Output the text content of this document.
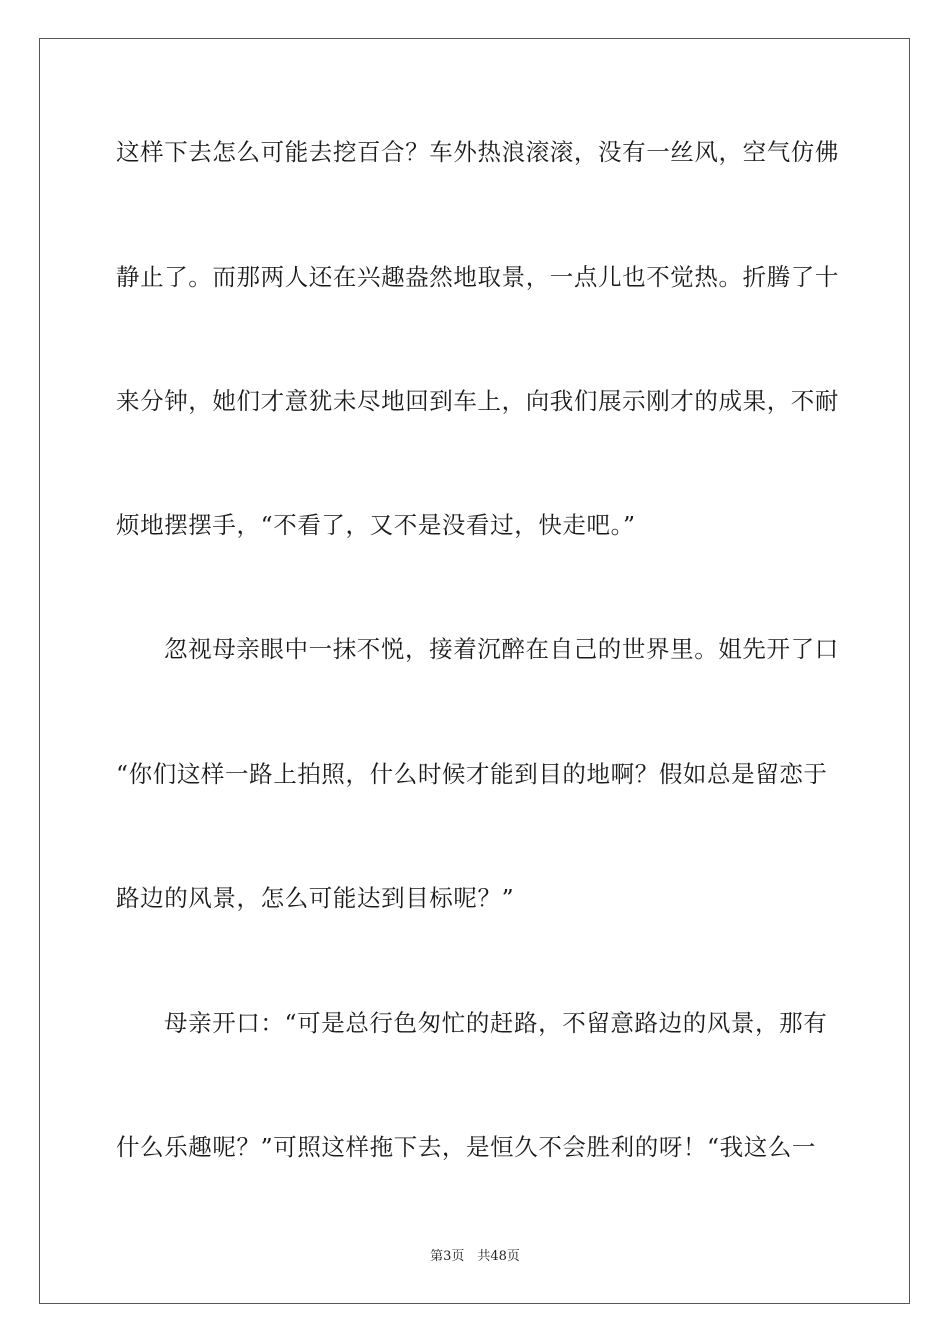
这样下去怎么可能去挖百合？车外热浪滚滚，没有一丝风，空气仿佛
静止了。而那两人还在兴趣盎然地取景，一点儿也不觉热。折腾了十
来分钟，她们才意犹未尽地回到车上，向我们展示刚才的成果，不耐
烦地摆摆手，“不看了，又不是没看过，快走吧。”
忽视母亲眼中一抹不悦，接着沉醉在自己的世界里。姐先开了口
“你们这样一路上拍照，什么时候才能到目的地啊？假如总是留恋于
路边的风景，怎么可能达到目标呢？”
母亲开口：“可是总行色匆忙的赶路，不留意路边的风景，那有
什么乐趣呢？”可照这样拖下去，是恒久不会胜利的呀！“我这么一
第3页　共48页
